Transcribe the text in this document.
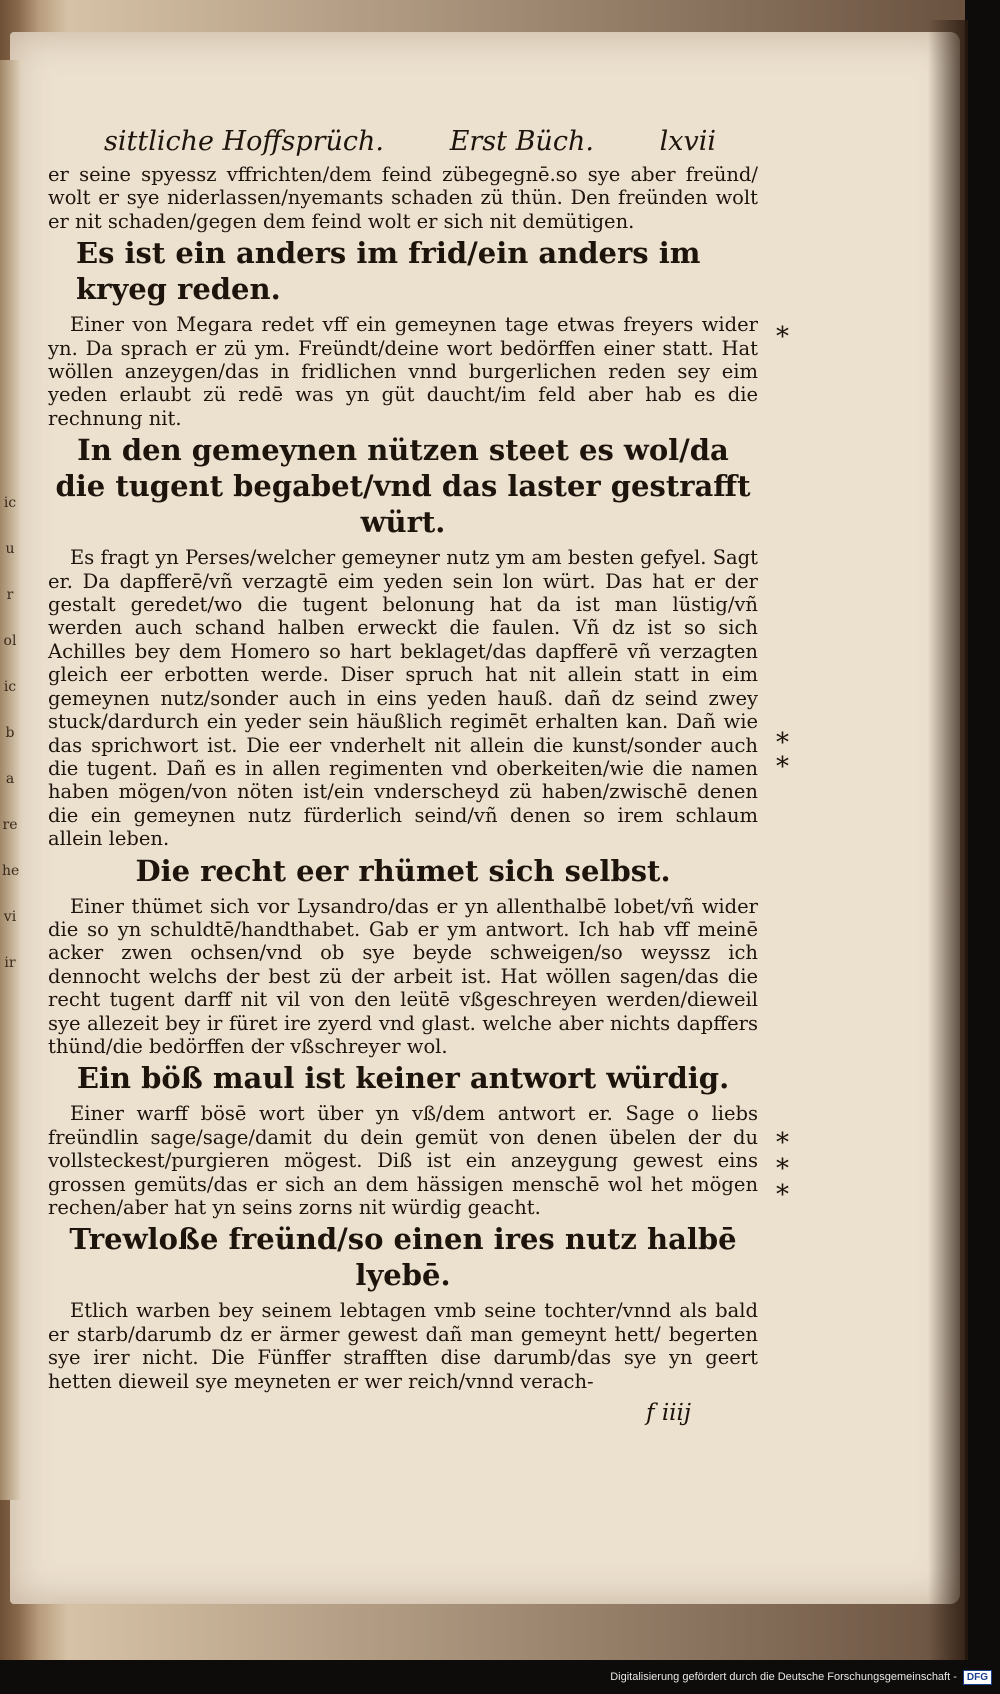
ic
u
r
ol
ic
b
a
re
he
vi
ir
sittliche Hoffsprüch. Erst Büch. lxvii

er seine spyessz vffrichten/dem feind zübegegnē.so sye aber freünd/ wolt er sye niderlassen/nyemants schaden zü thün. Den freünden wolt er nit schaden/gegen dem feind wolt er sich nit demütigen.

Es ist ein anders im frid/ein anders im kryeg reden.

Einer von Megara redet vff ein gemeynen tage etwas freyers wider yn. Da sprach er zü ym. Freündt/deine wort bedörffen einer statt. Hat wöllen anzeygen/das in fridlichen vnnd burgerlichen reden sey eim yeden erlaubt zü redē was yn güt daucht/im feld aber hab es die rechnung nit.

In den gemeynen nützen steet es wol/da die tugent begabet/vnd das laster gestrafft würt.

Es fragt yn Perses/welcher gemeyner nutz ym am besten gefyel. Sagt er. Da dapfferē/vñ verzagtē eim yeden sein lon würt. Das hat er der gestalt geredet/wo die tugent belonung hat da ist man lüstig/vñ werden auch schand halben erweckt die faulen. Vñ dz ist so sich Achilles bey dem Homero so hart beklaget/das dapfferē vñ verzagten gleich eer erbotten werde. Diser spruch hat nit allein statt in eim gemeynen nutz/sonder auch in eins yeden hauß. dañ dz seind zwey stuck/dardurch ein yeder sein häußlich regimēt erhalten kan. Dañ wie das sprichwort ist. Die eer vnderhelt nit allein die kunst/sonder auch die tugent. Dañ es in allen regimenten vnd oberkeiten/wie die namen haben mögen/von nöten ist/ein vnderscheyd zü haben/zwischē denen die ein gemeynen nutz fürderlich seind/vñ denen so irem schlaum allein leben.

Die recht eer rhümet sich selbst.

Einer thümet sich vor Lysandro/das er yn allenthalbē lobet/vñ wider die so yn schuldtē/handthabet. Gab er ym antwort. Ich hab vff meinē acker zwen ochsen/vnd ob sye beyde schweigen/so weyssz ich dennocht welchs der best zü der arbeit ist. Hat wöllen sagen/das die recht tugent darff nit vil von den leütē vßgeschreyen werden/dieweil sye allezeit bey ir füret ire zyerd vnd glast. welche aber nichts dapffers thünd/die bedörffen der vßschreyer wol.

Ein böß maul ist keiner antwort würdig.

Einer warff bösē wort über yn vß/dem antwort er. Sage o liebs freündlin sage/sage/damit du dein gemüt von denen übelen der du vollsteckest/purgieren mögest. Diß ist ein anzeygung gewest eins grossen gemüts/das er sich an dem hässigen menschē wol het mögen rechen/aber hat yn seins zorns nit würdig geacht.

Trewloße freünd/so einen ires nutz halbē lyebē.

Etlich warben bey seinem lebtagen vmb seine tochter/vnnd als bald er starb/darumb dz er ärmer gewest dañ man gemeynt hett/ begerten sye irer nicht. Die Fünffer strafften dise darumb/das sye yn geert hetten dieweil sye meyneten er wer reich/vnnd verach-

*
*
*
*
*
*
f iiij
Digitalisierung gefördert durch die Deutsche Forschungsgemeinschaft -	DFG
